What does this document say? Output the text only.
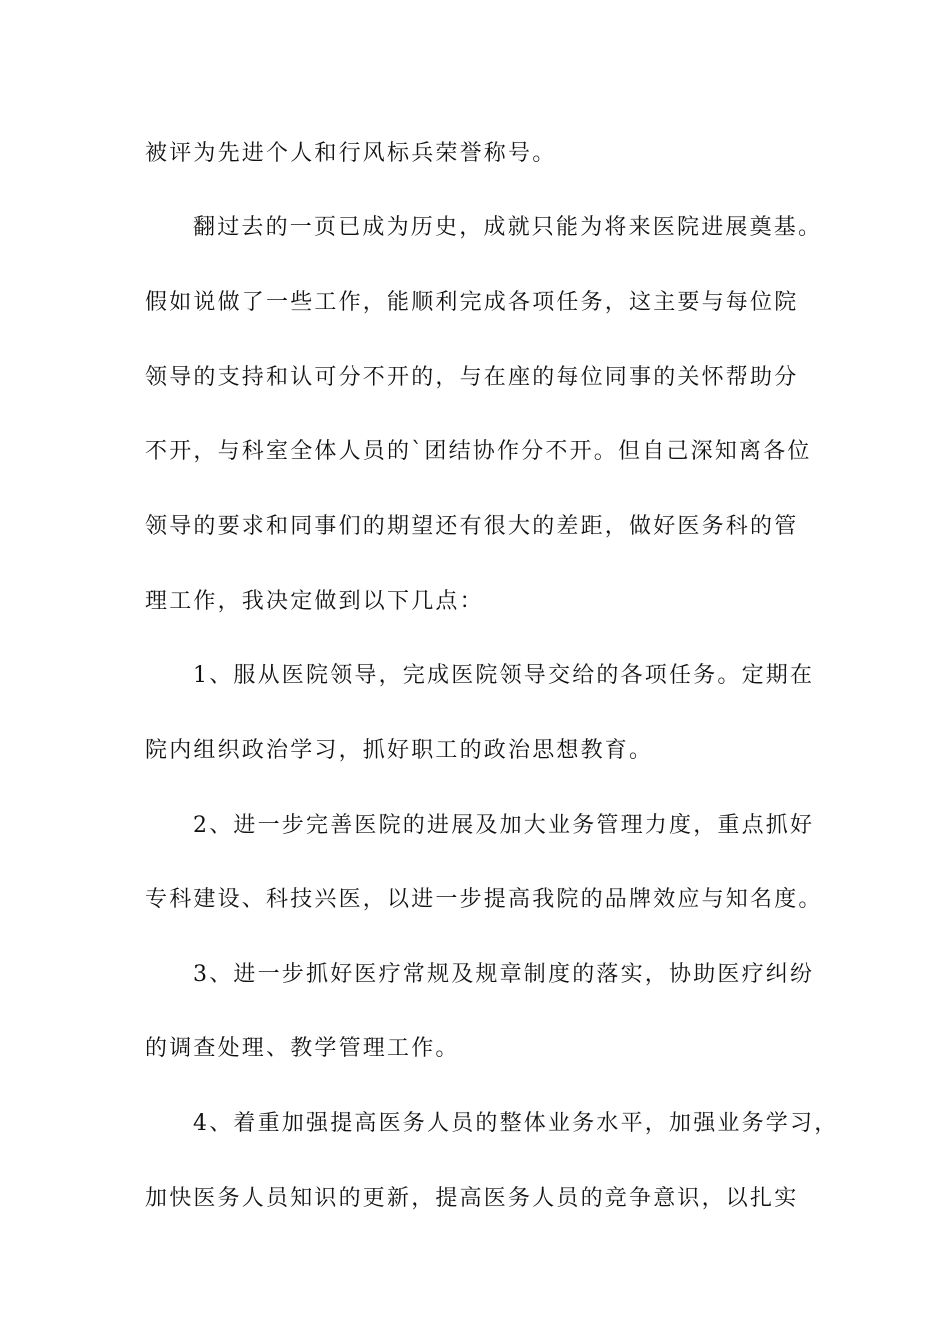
被评为先进个人和行风标兵荣誉称号。

翻过去的一页已成为历史，成就只能为将来医院进展奠基。

假如说做了一些工作，能顺利完成各项任务，这主要与每位院

领导的支持和认可分不开的，与在座的每位同事的关怀帮助分

不开，与科室全体人员的`团结协作分不开。但自己深知离各位

领导的要求和同事们的期望还有很大的差距，做好医务科的管

理工作，我决定做到以下几点：

1、服从医院领导，完成医院领导交给的各项任务。定期在

院内组织政治学习，抓好职工的政治思想教育。

2、进一步完善医院的进展及加大业务管理力度，重点抓好

专科建设、科技兴医，以进一步提高我院的品牌效应与知名度。

3、进一步抓好医疗常规及规章制度的落实，协助医疗纠纷

的调查处理、教学管理工作。

4、着重加强提高医务人员的整体业务水平，加强业务学习，

加快医务人员知识的更新，提高医务人员的竞争意识，以扎实
